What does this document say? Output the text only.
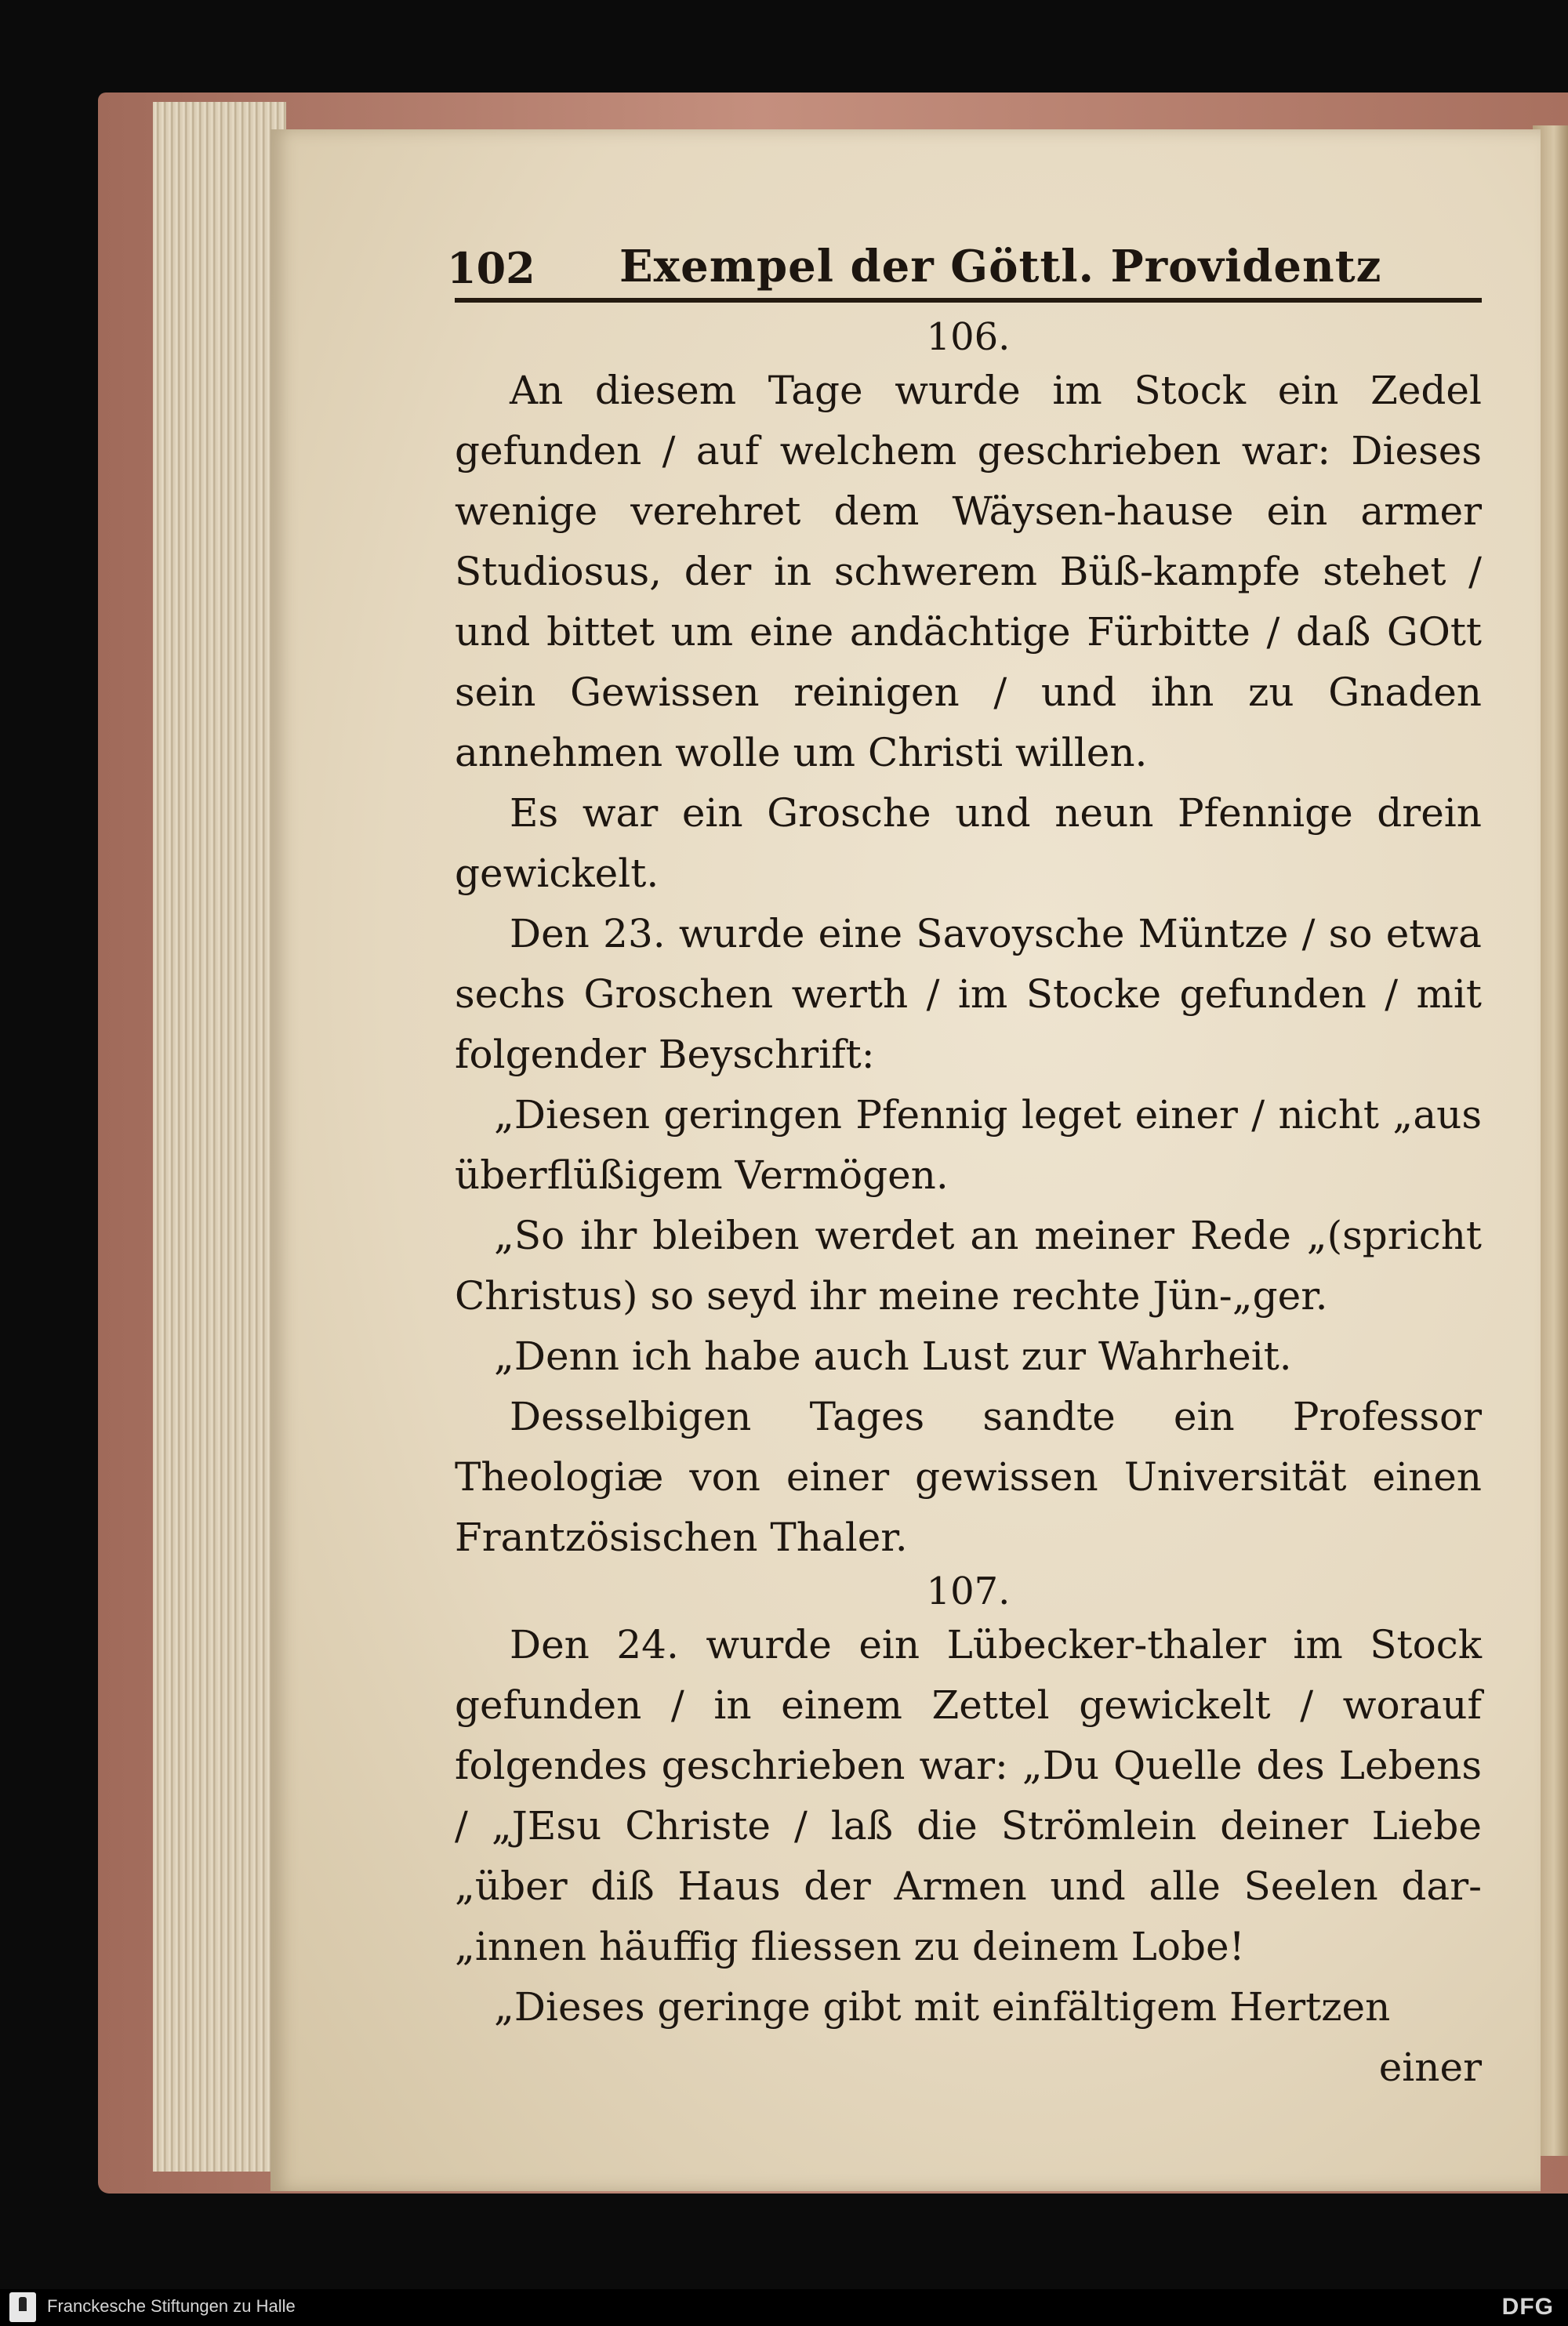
102 Exempel der Göttl. Providentz
106.

An diesem Tage wurde im Stock ein Zedel gefunden / auf welchem geschrieben war: Dieses wenige verehret dem Wäysen-hause ein armer Studiosus, der in schwerem Büß-kampfe stehet / und bittet um eine andächtige Fürbitte / daß GOtt sein Gewissen reinigen / und ihn zu Gnaden annehmen wolle um Christi willen.

Es war ein Grosche und neun Pfennige drein gewickelt.

Den 23. wurde eine Savoysche Müntze / so etwa sechs Groschen werth / im Stocke gefunden / mit folgender Beyschrift:

„Diesen geringen Pfennig leget einer / nicht „aus überflüßigem Vermögen.

„So ihr bleiben werdet an meiner Rede „(spricht Christus) so seyd ihr meine rechte Jün-„ger.

„Denn ich habe auch Lust zur Wahrheit.

Desselbigen Tages sandte ein Professor Theologiæ von einer gewissen Universität einen Frantzösischen Thaler.

107.

Den 24. wurde ein Lübecker-thaler im Stock gefunden / in einem Zettel gewickelt / worauf folgendes geschrieben war: „Du Quelle des Lebens / „JEsu Christe / laß die Strömlein deiner Liebe „über diß Haus der Armen und alle Seelen dar-„innen häuffig fliessen zu deinem Lobe!

„Dieses geringe gibt mit einfältigem Hertzen

einer
Franckesche Stiftungen zu Halle	DFG
